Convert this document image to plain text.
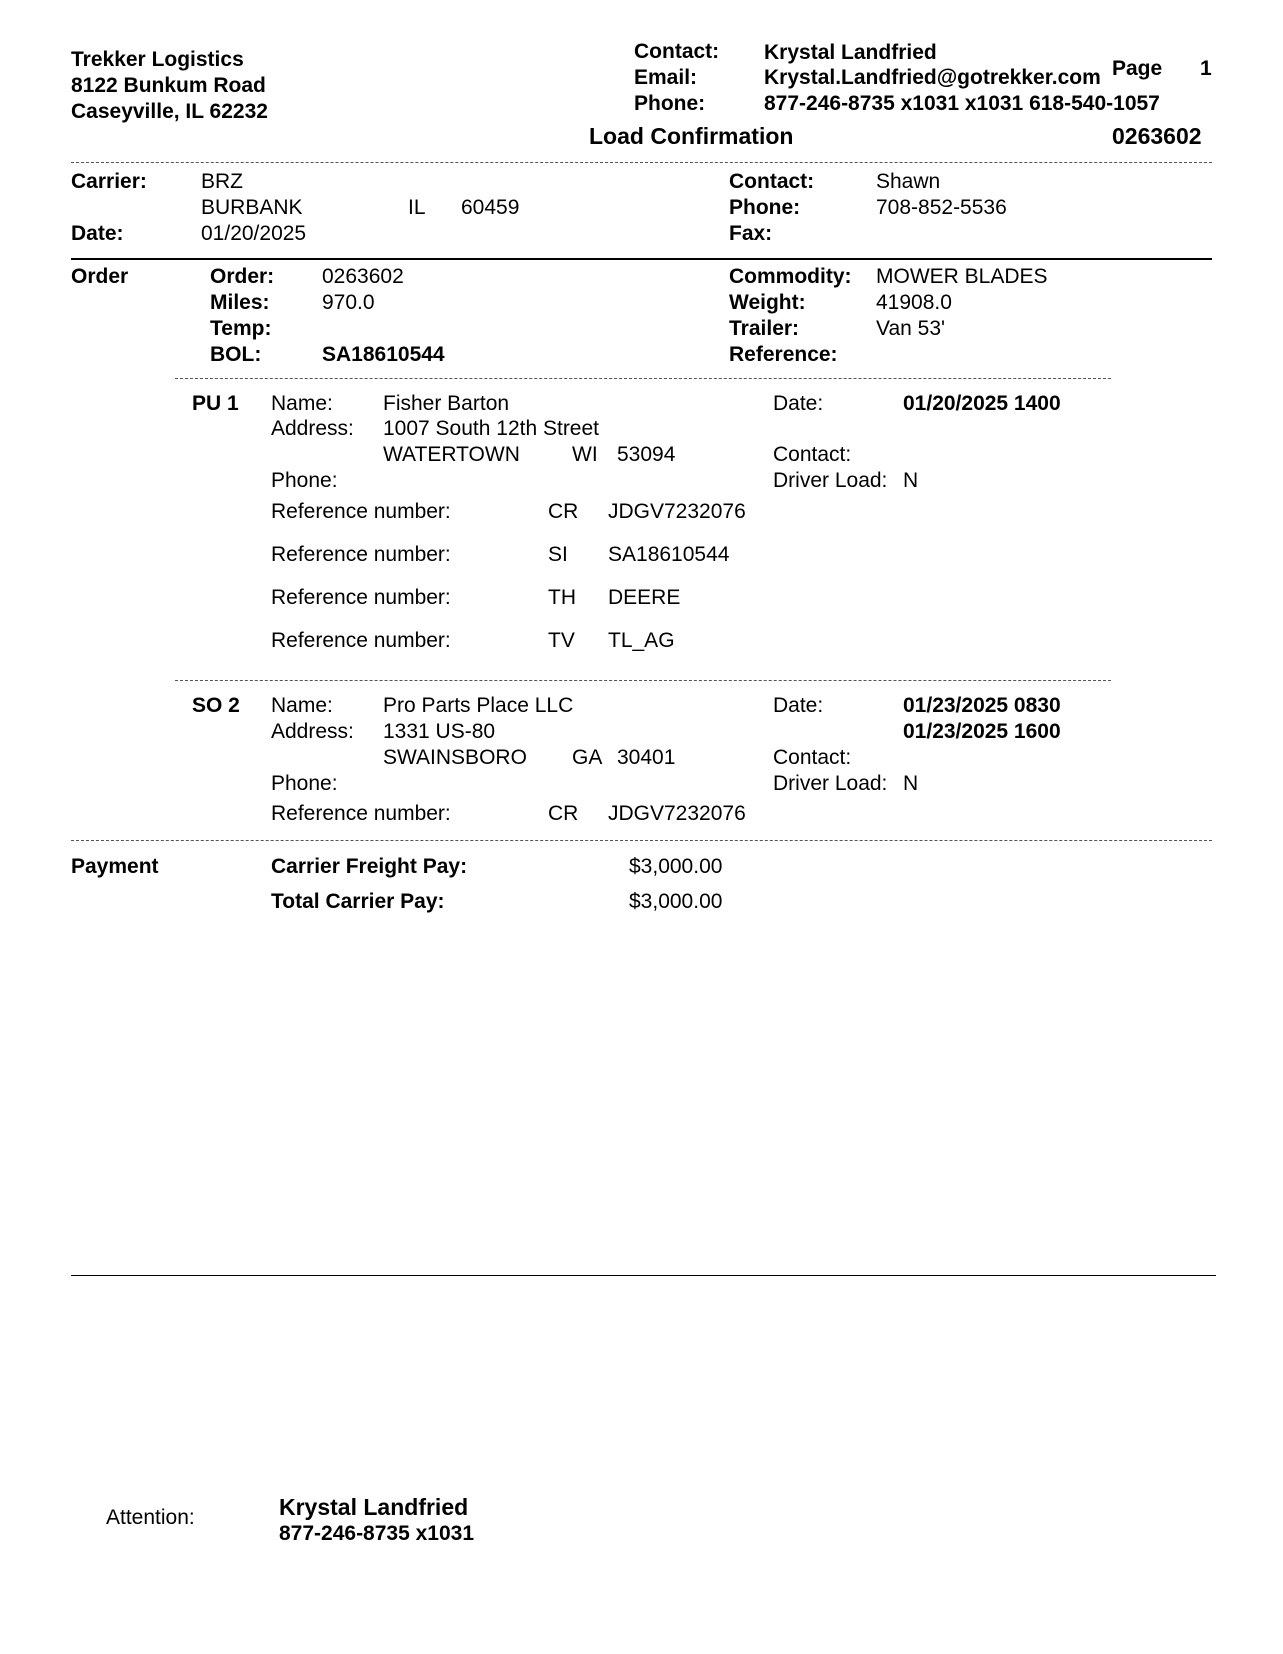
Trekker Logistics
8122 Bunkum Road
Caseyville, IL 62232
Contact: Krystal Landfried
Email:	Krystal.Landfried@gotrekker.com
Phone:	877-246-8735 x1031 x1031 618-540-1057
Page 1
Load Confirmation	0263602
Carrier:	BRZ
BURBANK	IL 60459
Date:	01/20/2025
Contact:	Shawn
Phone:	708-852-5536
Fax:
Order	Order: 0263602
Miles: 970.0
Temp:
BOL:	SA18610544
Commodity: MOWER BLADES
Weight:	41908.0
Trailer:	Van 53'
Reference:
PU 1 Name: Fisher Barton
Address: 1007 South 12th Street
WATERTOWN WI 53094
Phone:
Date:	01/20/2025 1400
Contact:
Driver Load: N
Reference number:	CR JDGV7232076
Reference number:	SI SA18610544
Reference number:	TH DEERE
Reference number:	TV TL_AG
SO 2 Name: Pro Parts Place LLC
Address: 1331 US-80
SWAINSBORO GA 30401
Phone:
Date:	01/23/2025 0830
01/23/2025 1600
Contact:
Driver Load: N
Reference number:	CR JDGV7232076
Payment	Carrier Freight Pay:	$3,000.00
Total Carrier Pay:	$3,000.00
Attention:	Krystal Landfried
877-246-8735 x1031
